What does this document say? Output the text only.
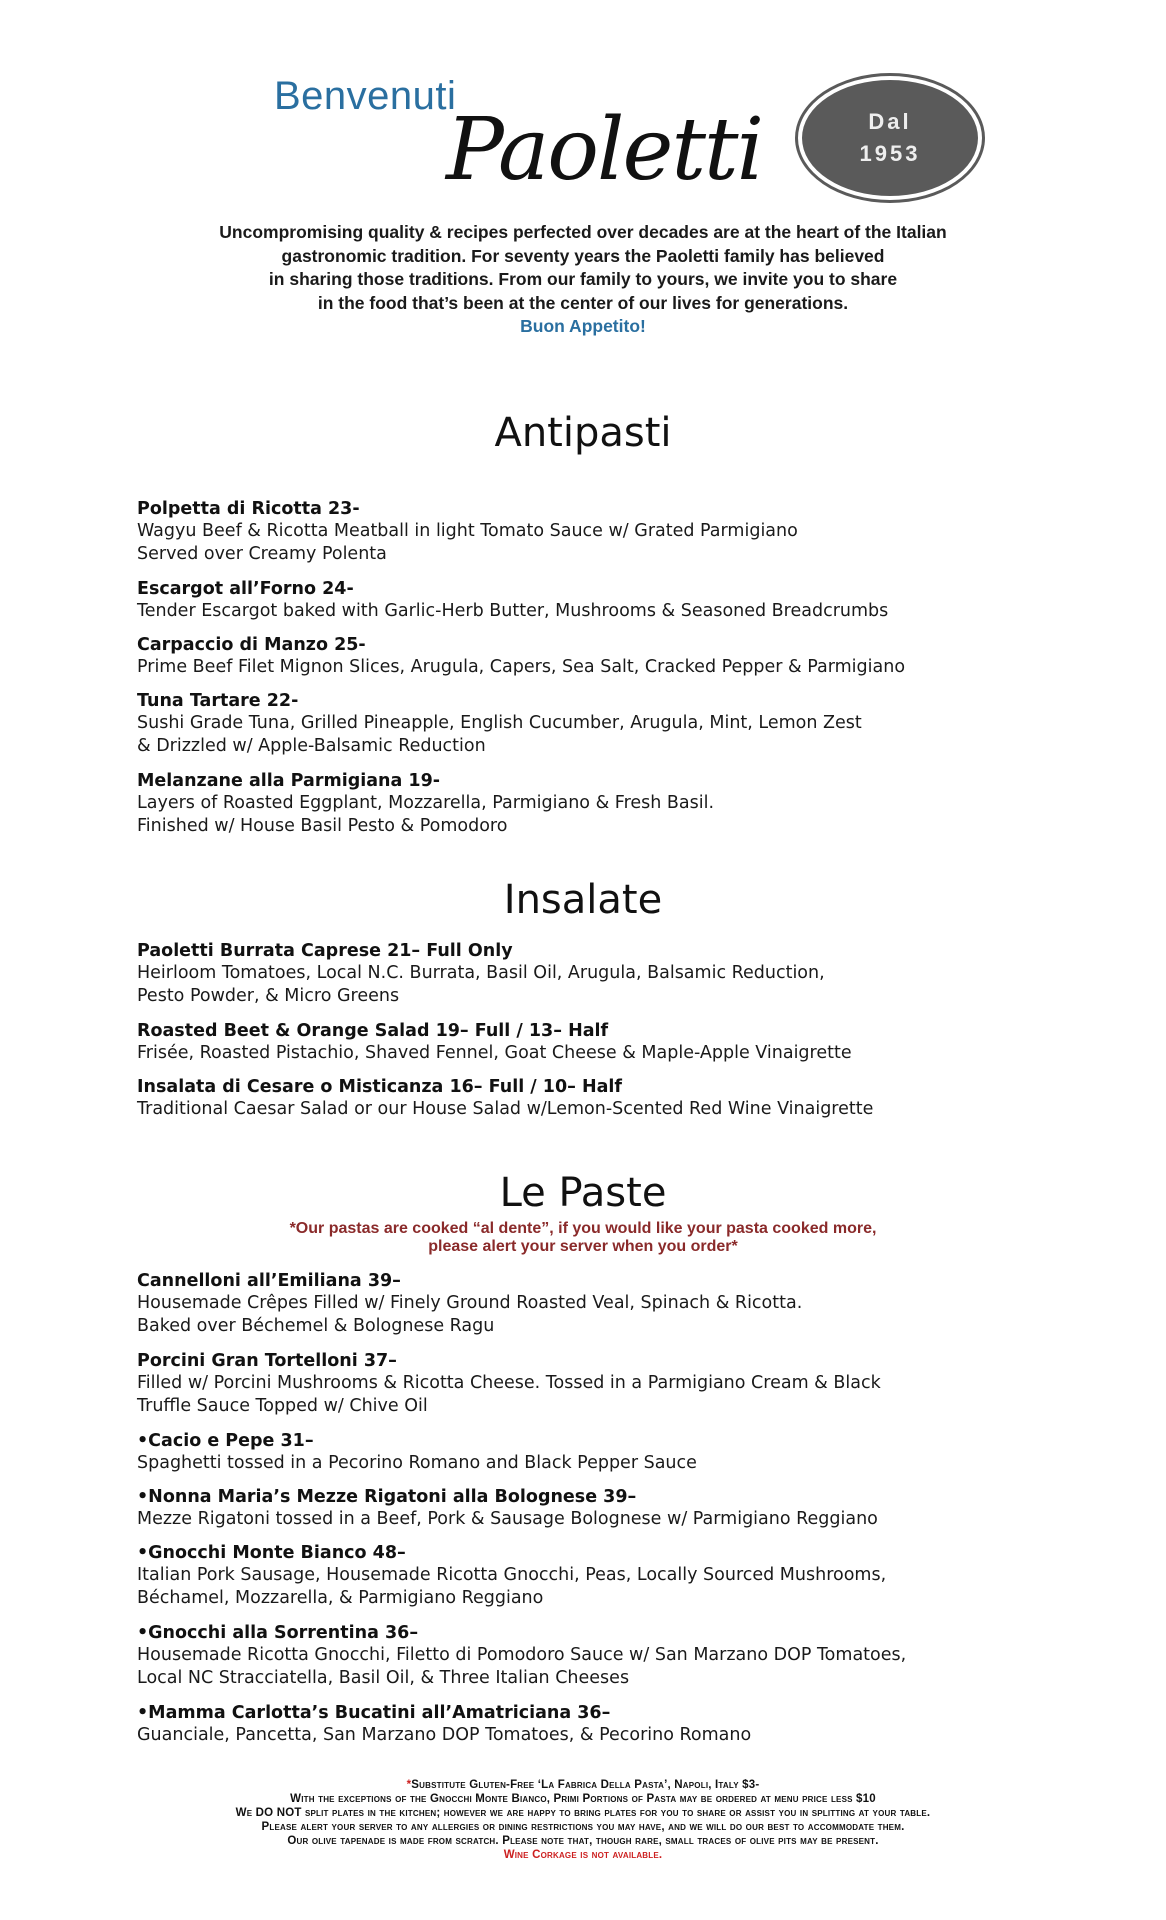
Benvenuti
Paoletti	Dal
1953
Uncompromising quality & recipes perfected over decades are at the heart of the Italian
gastronomic tradition. For seventy years the Paoletti family has believed
in sharing those traditions. From our family to yours, we invite you to share
in the food that’s been at the center of our lives for generations.
Buon Appetito!
Antipasti
Polpetta di Ricotta 23-
Wagyu Beef & Ricotta Meatball in light Tomato Sauce w/ Grated Parmigiano
Served over Creamy Polenta
Escargot all’Forno 24-
Tender Escargot baked with Garlic-Herb Butter, Mushrooms & Seasoned Breadcrumbs
Carpaccio di Manzo 25-
Prime Beef Filet Mignon Slices, Arugula, Capers, Sea Salt, Cracked Pepper & Parmigiano
Tuna Tartare 22-
Sushi Grade Tuna, Grilled Pineapple, English Cucumber, Arugula, Mint, Lemon Zest
& Drizzled w/ Apple-Balsamic Reduction
Melanzane alla Parmigiana 19-
Layers of Roasted Eggplant, Mozzarella, Parmigiano & Fresh Basil.
Finished w/ House Basil Pesto & Pomodoro
Insalate
Paoletti Burrata Caprese 21– Full Only
Heirloom Tomatoes, Local N.C. Burrata, Basil Oil, Arugula, Balsamic Reduction,
Pesto Powder, & Micro Greens
Roasted Beet & Orange Salad 19– Full / 13– Half
Frisée, Roasted Pistachio, Shaved Fennel, Goat Cheese & Maple-Apple Vinaigrette
Insalata di Cesare o Misticanza 16– Full / 10– Half
Traditional Caesar Salad or our House Salad w/Lemon-Scented Red Wine Vinaigrette
Le Paste
*Our pastas are cooked “al dente”, if you would like your pasta cooked more,
please alert your server when you order*
Cannelloni all’Emiliana 39–
Housemade Crêpes Filled w/ Finely Ground Roasted Veal, Spinach & Ricotta.
Baked over Béchemel & Bolognese Ragu
Porcini Gran Tortelloni 37–
Filled w/ Porcini Mushrooms & Ricotta Cheese. Tossed in a Parmigiano Cream & Black
Truffle Sauce Topped w/ Chive Oil
•Cacio e Pepe 31–
Spaghetti tossed in a Pecorino Romano and Black Pepper Sauce
•Nonna Maria’s Mezze Rigatoni alla Bolognese 39–
Mezze Rigatoni tossed in a Beef, Pork & Sausage Bolognese w/ Parmigiano Reggiano
•Gnocchi Monte Bianco 48–
Italian Pork Sausage, Housemade Ricotta Gnocchi, Peas, Locally Sourced Mushrooms,
Béchamel, Mozzarella, & Parmigiano Reggiano
•Gnocchi alla Sorrentina 36–
Housemade Ricotta Gnocchi, Filetto di Pomodoro Sauce w/ San Marzano DOP Tomatoes,
Local NC Stracciatella, Basil Oil, & Three Italian Cheeses
•Mamma Carlotta’s Bucatini all’Amatriciana 36–
Guanciale, Pancetta, San Marzano DOP Tomatoes, & Pecorino Romano
*Substitute Gluten-Free ‘La Fabrica Della Pasta’, Napoli, Italy $3-
With the exceptions of the Gnocchi Monte Bianco, Primi Portions of Pasta may be ordered at menu price less $10
We DO NOT split plates in the kitchen; however we are happy to bring plates for you to share or assist you in splitting at your table.
Please alert your server to any allergies or dining restrictions you may have, and we will do our best to accommodate them.
Our olive tapenade is made from scratch. Please note that, though rare, small traces of olive pits may be present.
Wine Corkage is not available.
